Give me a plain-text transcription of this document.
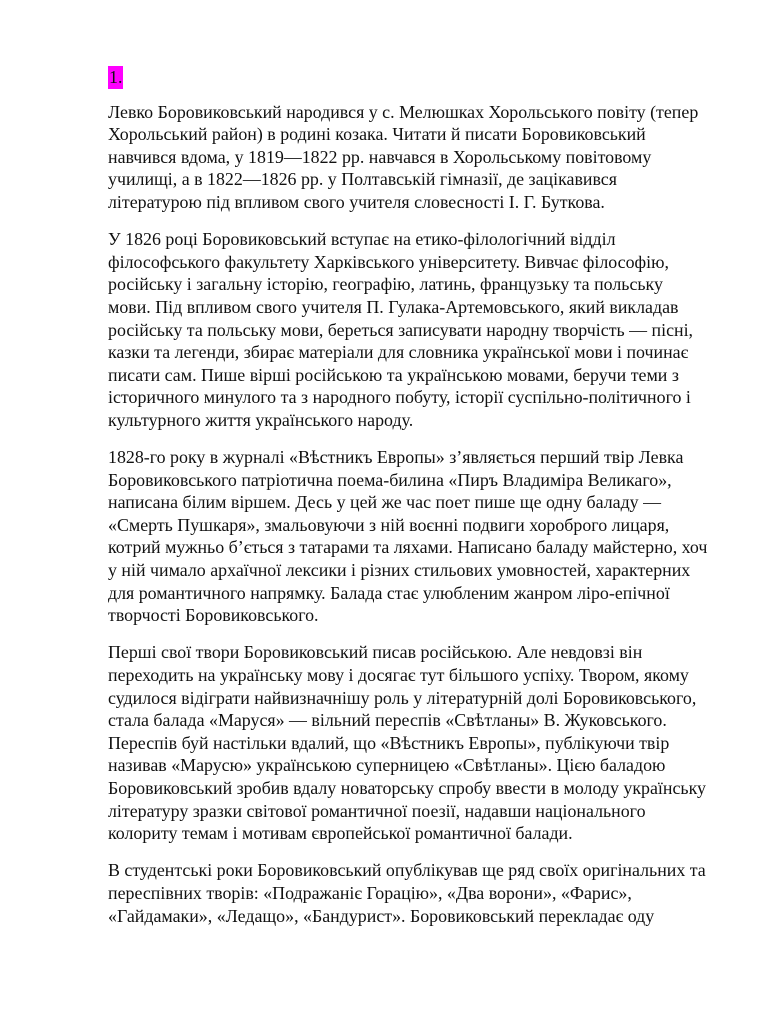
1.

Левко Боровиковський народився у с. Мелюшках Хорольського повіту (тепер Хорольський район) в родині козака. Читати й писати Боровиковський навчився вдома, у 1819—1822 рр. навчався в Хорольському повітовому училищі, а в 1822—1826 рр. у Полтавській гімназії, де зацікавився літературою під впливом свого учителя словесності І. Г. Буткова.

У 1826 році Боровиковський вступає на етико-філологічний відділ філософського факультету Харківського університету. Вивчає філософію, російську і загальну історію, географію, латинь, французьку та польську мови. Під впливом свого учителя П. Гулака-Артемовського, який викладав російську та польську мови, береться записувати народну творчість — пісні, казки та легенди, збирає матеріали для словника української мови і починає писати сам. Пише вірші російською та українською мовами, беручи теми з історичного минулого та з народного побуту, історії суспільно-політичного і культурного життя українського народу.

1828-го року в журналі «Вѣстникъ Европы» з’являється перший твір Левка Боровиковського патріотична поема-билина «Пиръ Владиміра Великаго», написана білим віршем. Десь у цей же час поет пише ще одну баладу — «Смерть Пушкаря», змальовуючи з ній воєнні подвиги хороброго лицаря, котрий мужньо б’ється з татарами та ляхами. Написано баладу майстерно, хоч у ній чимало архаїчної лексики і різних стильових умовностей, характерних для романтичного напрямку. Балада стає улюбленим жанром ліро-епічної творчості Боровиковського.

Перші свої твори Боровиковський писав російською. Але невдовзі він переходить на українську мову і досягає тут більшого успіху. Твором, якому судилося відіграти найвизначнішу роль у літературній долі Боровиковського, стала балада «Маруся» — вільний переспів «Свѣтланы» В. Жуковського. Переспів буй настільки вдалий, що «Вѣстникъ Европы», публікуючи твір називав «Марусю» українською суперницею «Свѣтланы». Цією баладою Боровиковський зробив вдалу новаторську спробу ввести в молоду українську літературу зразки світової романтичної поезії, надавши національного колориту темам і мотивам європейської романтичної балади.

В студентські роки Боровиковський опублікував ще ряд своїх оригінальних та переспівних творів: «Подражаніє Горацію», «Два ворони», «Фарис», «Гайдамаки», «Ледащо», «Бандурист». Боровиковський перекладає оду
